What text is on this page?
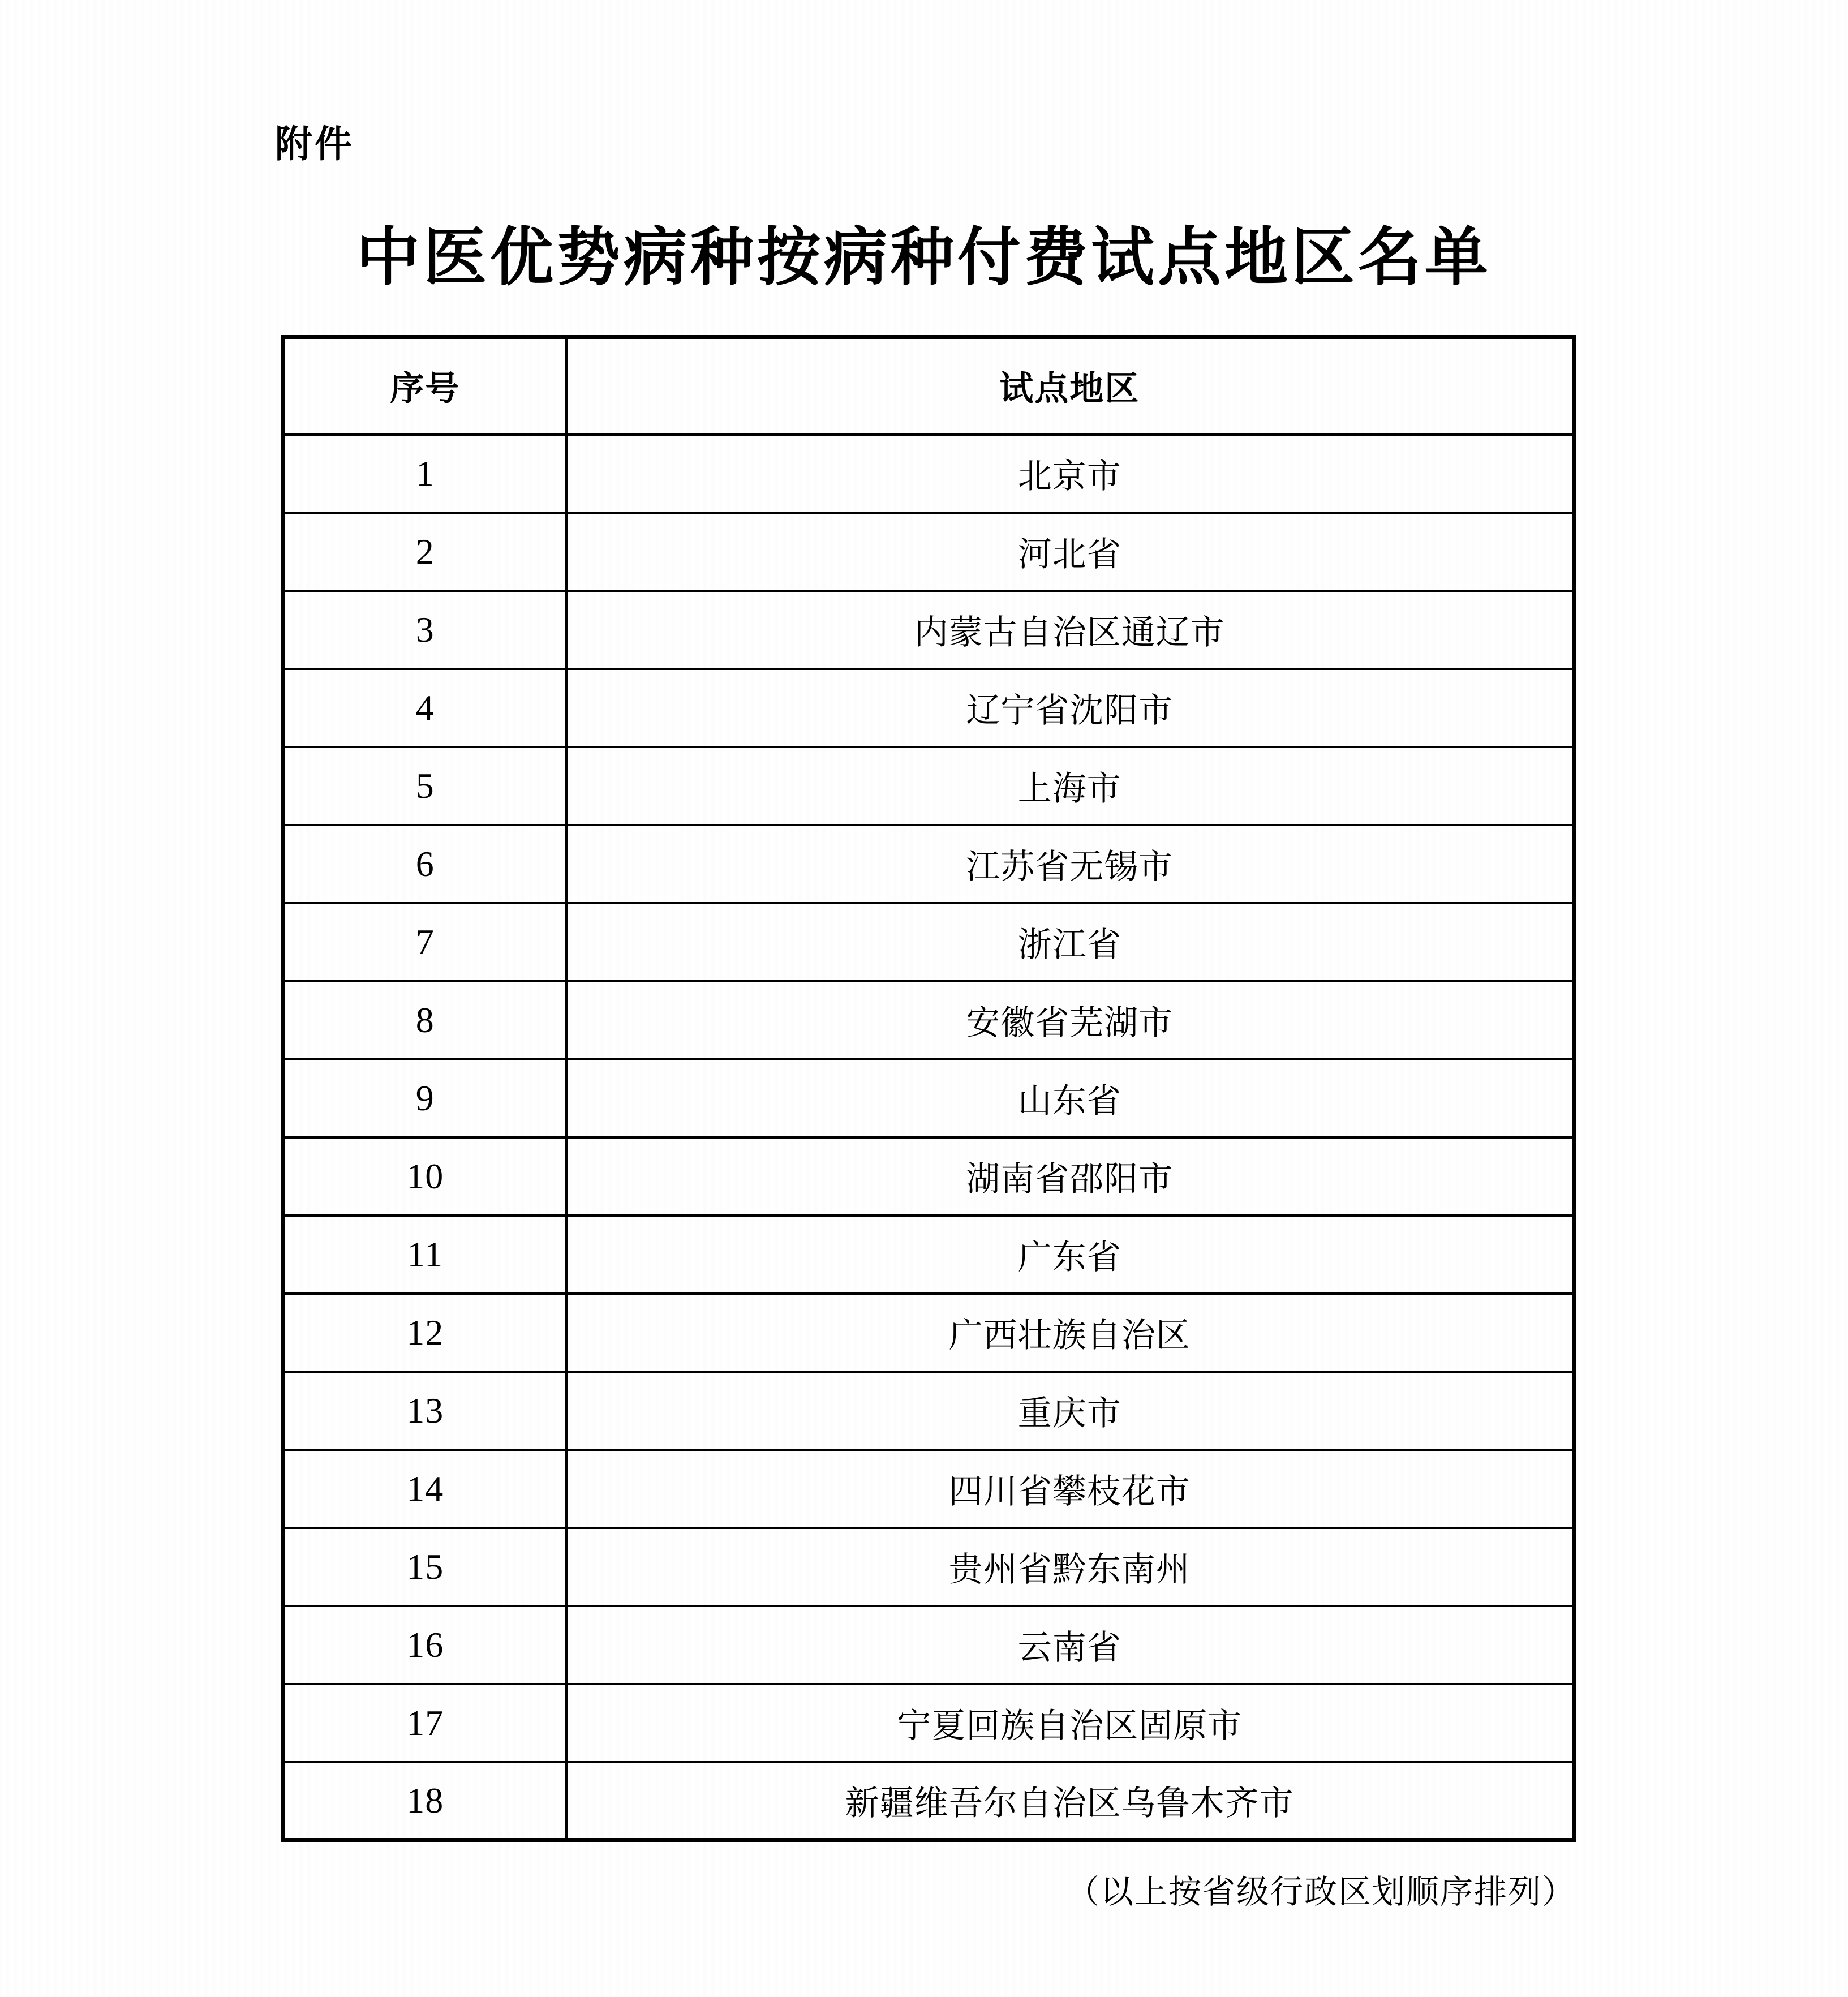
附件
中医优势病种按病种付费试点地区名单
序号	试点地区
1	北京市
2	河北省
3	内蒙古自治区通辽市
4	辽宁省沈阳市
5	上海市
6	江苏省无锡市
7	浙江省
8	安徽省芜湖市
9	山东省
10	湖南省邵阳市
11	广东省
12	广西壮族自治区
13	重庆市
14	四川省攀枝花市
15	贵州省黔东南州
16	云南省
17	宁夏回族自治区固原市
18	新疆维吾尔自治区乌鲁木齐市
（以上按省级行政区划顺序排列）
